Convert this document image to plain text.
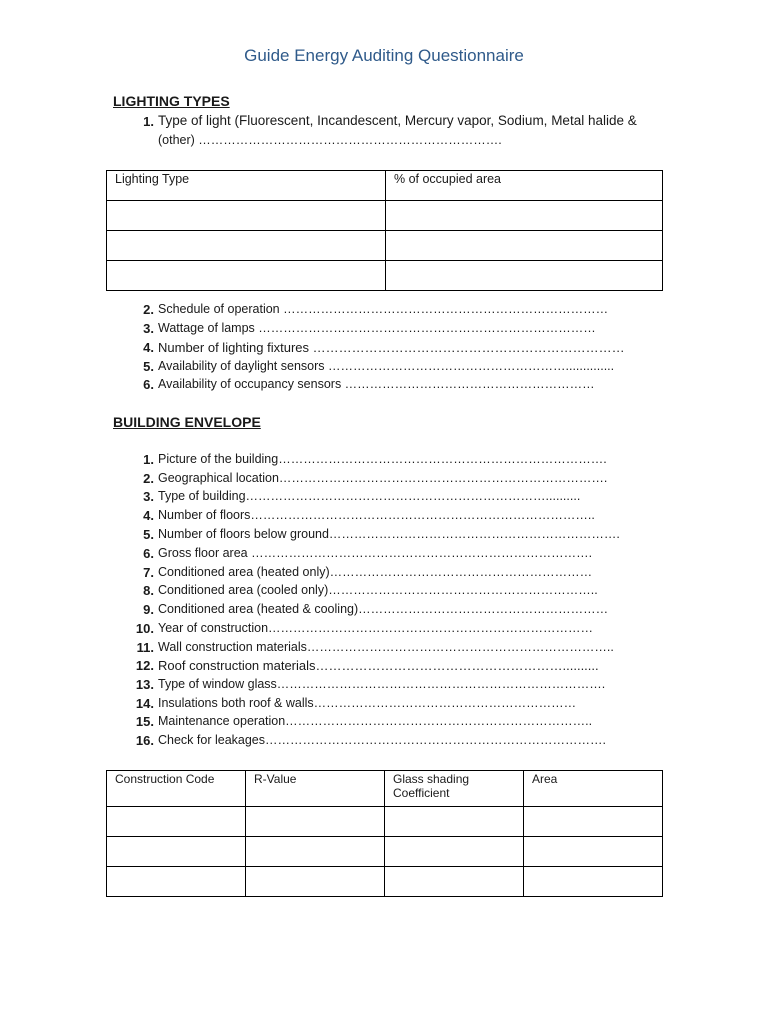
Guide Energy Auditing Questionnaire
LIGHTING TYPES
1. Type of light (Fluorescent, Incandescent, Mercury vapor, Sodium, Metal halide &
(other) ……………………………………………………………….
Lighting Type	% of occupied area

2. Schedule of operation ……………………………………………………………………
3. Wattage of lamps ………………………………………………………………………
4. Number of lighting fixtures ………………………………………………………………
5. Availability of daylight sensors …………………………………………………..............
6. Availability of occupancy sensors ……………………………………………………
BUILDING ENVELOPE
1. Picture of the building…………………………………………………………………….
2. Geographical location…………………………………………………………………….
3. Type of building………………………………………………………………..........
4. Number of floors………………………………………………………………………..
5. Number of floors below ground…………………………………………………………….
6. Gross floor area ……………………………………………………………………….
7. Conditioned area (heated only)………………………………………………………
8. Conditioned area (cooled only)………………………………………………………..
9. Conditioned area (heated & cooling)……………………………………………………
10. Year of construction……………………………………………………………………
11. Wall construction materials………………………………………………………………..
12. Roof construction materials…………………………………………………..........
13. Type of window glass…………………………………………………………………….
14. Insulations both roof & walls………………………………………………………
15. Maintenance operation………………………………………………………………..
16. Check for leakages……………………………………………………………………….
Construction Code	R-Value	Glass shading Coefficient	Area
